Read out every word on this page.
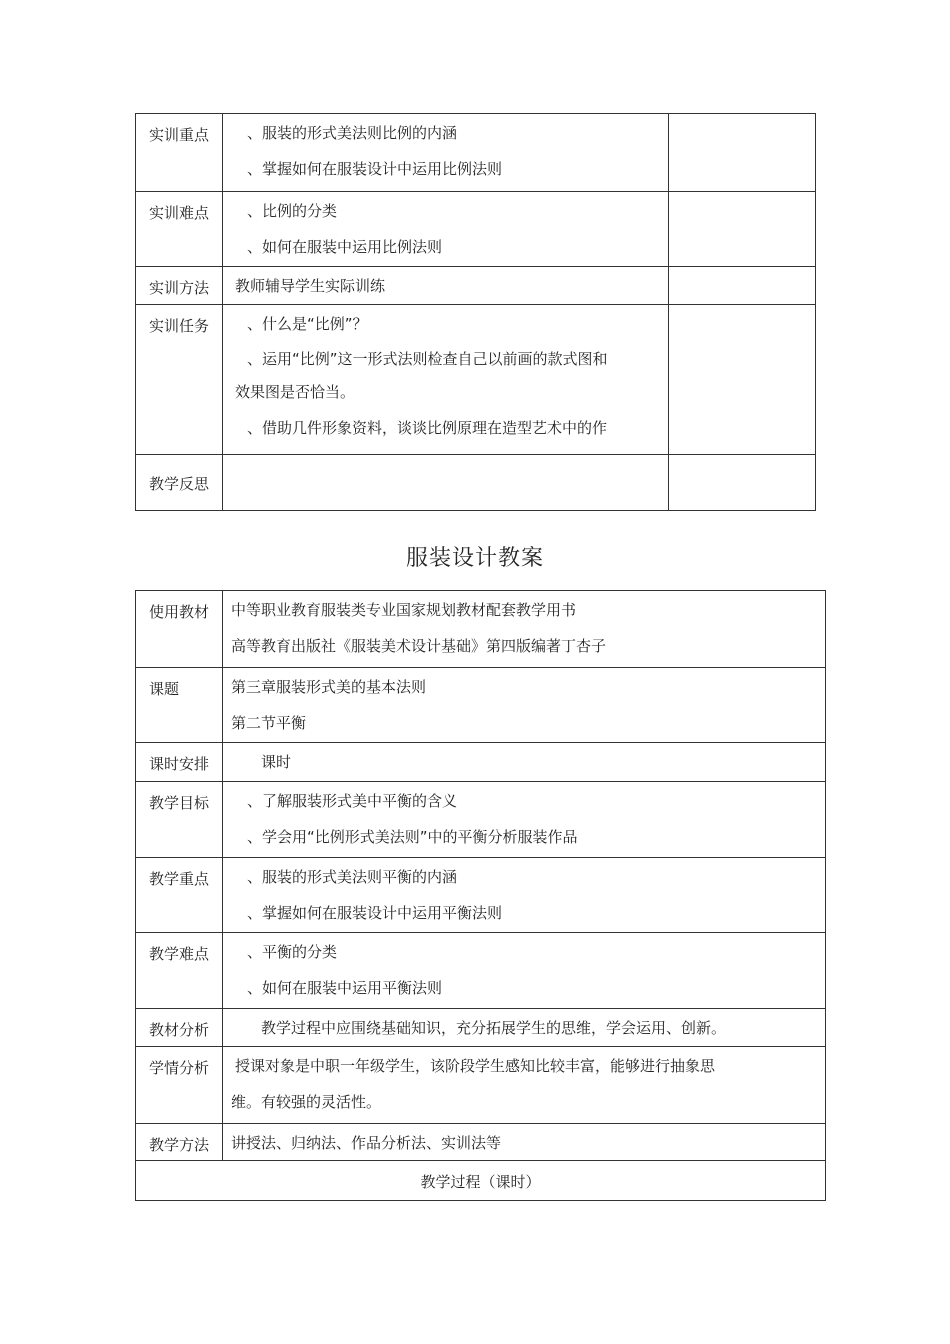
实训重点	、服装的形式美法则比例的内涵
、掌握如何在服装设计中运用比例法则	

实训难点	、比例的分类
、如何在服装中运用比例法则	

实训方法	教师辅导学生实际训练	

实训任务	、什么是“比例”？
、运用“比例”这一形式法则检查自己以前画的款式图和
效果图是否恰当。
、借助几件形象资料，谈谈比例原理在造型艺术中的作	

教学反思		
服装设计教案
使用教材	中等职业教育服装类专业国家规划教材配套教学用书
高等教育出版社《服装美术设计基础》第四版编著丁杏子

课题	第三章服装形式美的基本法则
第二节平衡

课时安排	课时

教学目标	、了解服装形式美中平衡的含义
、学会用“比例形式美法则”中的平衡分析服装作品

教学重点	、服装的形式美法则平衡的内涵
、掌握如何在服装设计中运用平衡法则

教学难点	、平衡的分类
、如何在服装中运用平衡法则

教材分析	教学过程中应围绕基础知识，充分拓展学生的思维，学会运用、创新。

学情分析	授课对象是中职一年级学生，该阶段学生感知比较丰富，能够进行抽象思
维。有较强的灵活性。

教学方法	讲授法、归纳法、作品分析法、实训法等

教学过程（课时）	
